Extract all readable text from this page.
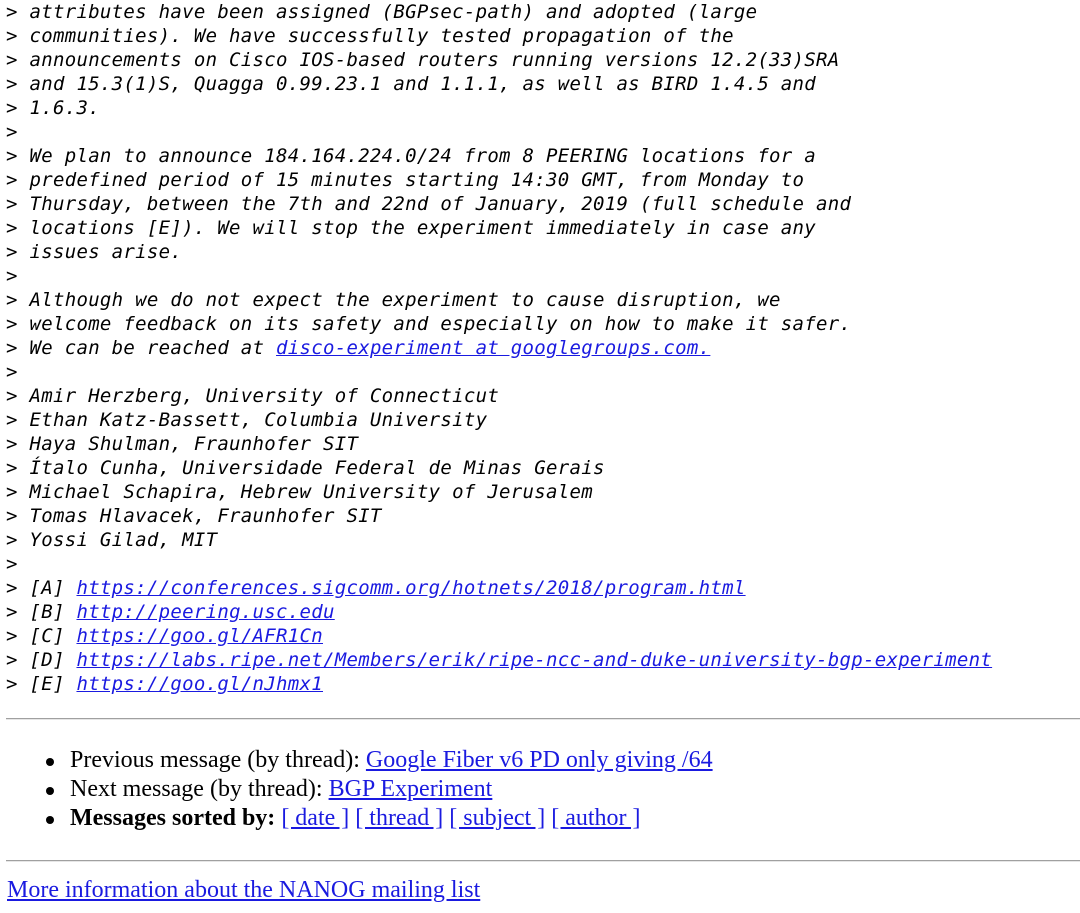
> attributes have been assigned (BGPsec-path) and adopted (large
> communities). We have successfully tested propagation of the
> announcements on Cisco IOS-based routers running versions 12.2(33)SRA
> and 15.3(1)S, Quagga 0.99.23.1 and 1.1.1, as well as BIRD 1.4.5 and
> 1.6.3.
>
> We plan to announce 184.164.224.0/24 from 8 PEERING locations for a
> predefined period of 15 minutes starting 14:30 GMT, from Monday to
> Thursday, between the 7th and 22nd of January, 2019 (full schedule and
> locations [E]). We will stop the experiment immediately in case any
> issues arise.
>
> Although we do not expect the experiment to cause disruption, we
> welcome feedback on its safety and especially on how to make it safer.
> We can be reached at disco-experiment at googlegroups.com.
>
> Amir Herzberg, University of Connecticut
> Ethan Katz-Bassett, Columbia University
> Haya Shulman, Fraunhofer SIT
> Ítalo Cunha, Universidade Federal de Minas Gerais
> Michael Schapira, Hebrew University of Jerusalem
> Tomas Hlavacek, Fraunhofer SIT
> Yossi Gilad, MIT
>
> [A] https://conferences.sigcomm.org/hotnets/2018/program.html
> [B] http://peering.usc.edu
> [C] https://goo.gl/AFR1Cn
> [D] https://labs.ripe.net/Members/erik/ripe-ncc-and-duke-university-bgp-experiment
> [E] https://goo.gl/nJhmx1
Previous message (by thread): Google Fiber v6 PD only giving /64
Next message (by thread): BGP Experiment
Messages sorted by: [ date ] [ thread ] [ subject ] [ author ]
More information about the NANOG mailing list
